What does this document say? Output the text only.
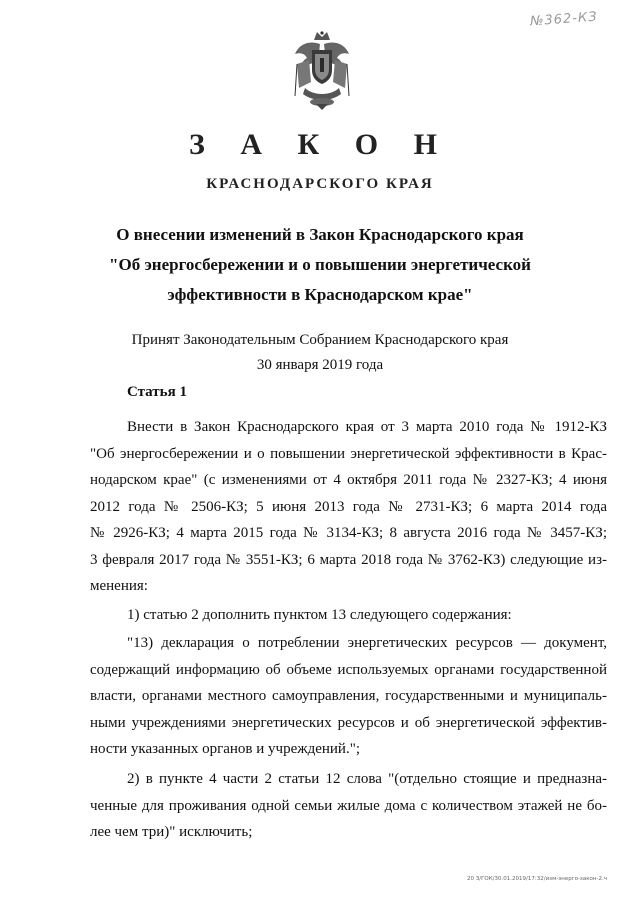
№362-КЗ
З А К О Н
КРАСНОДАРСКОГО КРАЯ
О внесении изменений в Закон Краснодарского края
"Об энергосбережении и о повышении энергетической
эффективности в Краснодарском крае"
Принят Законодательным Собранием Краснодарского края
30 января 2019 года
Статья 1
Внести в Закон Краснодарского края от 3 марта 2010 года № 1912-КЗ
"Об энергосбережении и о повышении энергетической эффективности в Крас-
нодарском крае" (с изменениями от 4 октября 2011 года № 2327-КЗ; 4 июня
2012 года № 2506-КЗ; 5 июня 2013 года № 2731-КЗ; 6 марта 2014 года
№ 2926-КЗ; 4 марта 2015 года № 3134-КЗ; 8 августа 2016 года № 3457-КЗ;
3 февраля 2017 года № 3551-КЗ; 6 марта 2018 года № 3762-КЗ) следующие из-
менения:
1) статью 2 дополнить пунктом 13 следующего содержания:
"13) декларация о потреблении энергетических ресурсов — документ,
содержащий информацию об объеме используемых органами государственной
власти, органами местного самоуправления, государственными и муниципаль-
ными учреждениями энергетических ресурсов и об энергетической эффектив-
ности указанных органов и учреждений.";
2) в пункте 4 части 2 статьи 12 слова "(отдельно стоящие и предназна-
ченные для проживания одной семьи жилые дома с количеством этажей не бо-
лее чем три)" исключить;
20 З/ГОК/30.01.2019/17:32/изм-энерго-закон-2.ч
